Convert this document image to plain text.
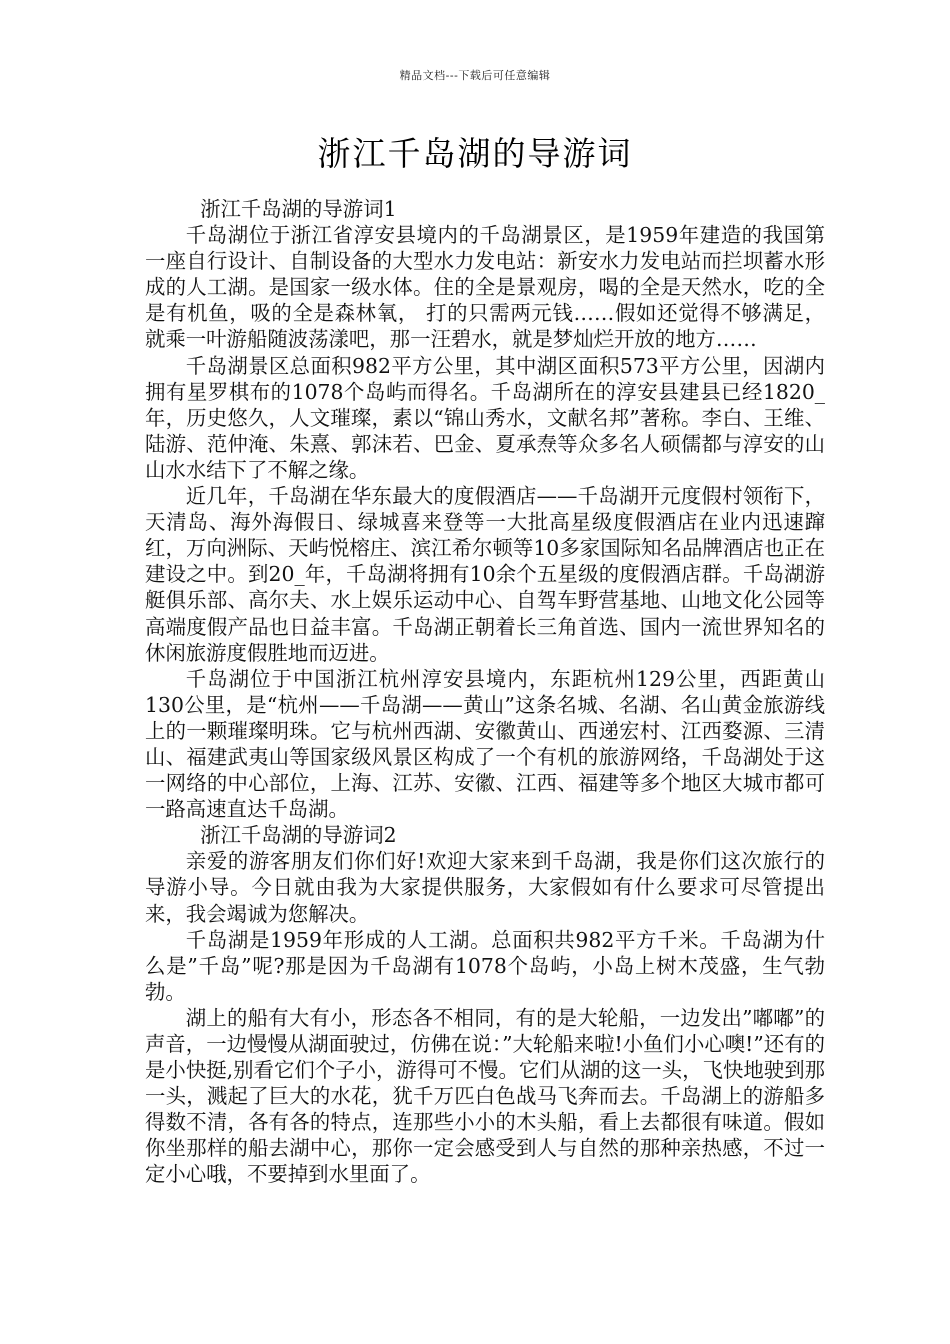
精品文档---下载后可任意编辑
浙江千岛湖的导游词

浙江千岛湖的导游词1

千岛湖位于浙江省淳安县境内的千岛湖景区，是1959年建造的我国第一座自行设计、自制设备的大型水力发电站：新安水力发电站而拦坝蓄水形成的人工湖。是国家一级水体。住的全是景观房，喝的全是天然水，吃的全是有机鱼，吸的全是森林氧， 打的只需两元钱……假如还觉得不够满足， 就乘一叶游船随波荡漾吧，那一汪碧水，就是梦灿烂开放的地方……

千岛湖景区总面积982平方公里，其中湖区面积573平方公里，因湖内拥有星罗棋布的1078个岛屿而得名。千岛湖所在的淳安县建县已经1820_年，历史悠久，人文璀璨，素以“锦山秀水，文献名邦”著称。李白、王维、陆游、范仲淹、朱熹、郭沫若、巴金、夏承焘等众多名人硕儒都与淳安的山山水水结下了不解之缘。

近几年，千岛湖在华东最大的度假酒店——千岛湖开元度假村领衔下，天清岛、海外海假日、绿城喜来登等一大批高星级度假酒店在业内迅速蹿红，万向洲际、天屿悦榕庄、滨江希尔顿等10多家国际知名品牌酒店也正在建设之中。到20_年，千岛湖将拥有10余个五星级的度假酒店群。千岛湖游艇俱乐部、高尔夫、水上娱乐运动中心、自驾车野营基地、山地文化公园等高端度假产品也日益丰富。千岛湖正朝着长三角首选、国内一流世界知名的休闲旅游度假胜地而迈进。

千岛湖位于中国浙江杭州淳安县境内，东距杭州129公里，西距黄山130公里，是“杭州——千岛湖——黄山”这条名城、名湖、名山黄金旅游线上的一颗璀璨明珠。它与杭州西湖、安徽黄山、西递宏村、江西婺源、三清山、福建武夷山等国家级风景区构成了一个有机的旅游网络，千岛湖处于这一网络的中心部位，上海、江苏、安徽、江西、福建等多个地区大城市都可一路高速直达千岛湖。

浙江千岛湖的导游词2

亲爱的游客朋友们你们好!欢迎大家来到千岛湖，我是你们这次旅行的导游小导。今日就由我为大家提供服务，大家假如有什么要求可尽管提出来，我会竭诚为您解决。

千岛湖是1959年形成的人工湖。总面积共982平方千米。千岛湖为什么是”千岛”呢?那是因为千岛湖有1078个岛屿，小岛上树木茂盛，生气勃勃。

湖上的船有大有小，形态各不相同，有的是大轮船，一边发出”嘟嘟”的声音，一边慢慢从湖面驶过，仿佛在说：”大轮船来啦!小鱼们小心噢!”还有的是小快挺,别看它们个子小，游得可不慢。它们从湖的这一头，飞快地驶到那一头，溅起了巨大的水花，犹千万匹白色战马飞奔而去。千岛湖上的游船多得数不清，各有各的特点，连那些小小的木头船，看上去都很有味道。假如你坐那样的船去湖中心，那你一定会感受到人与自然的那种亲热感，不过一定小心哦，不要掉到水里面了。
